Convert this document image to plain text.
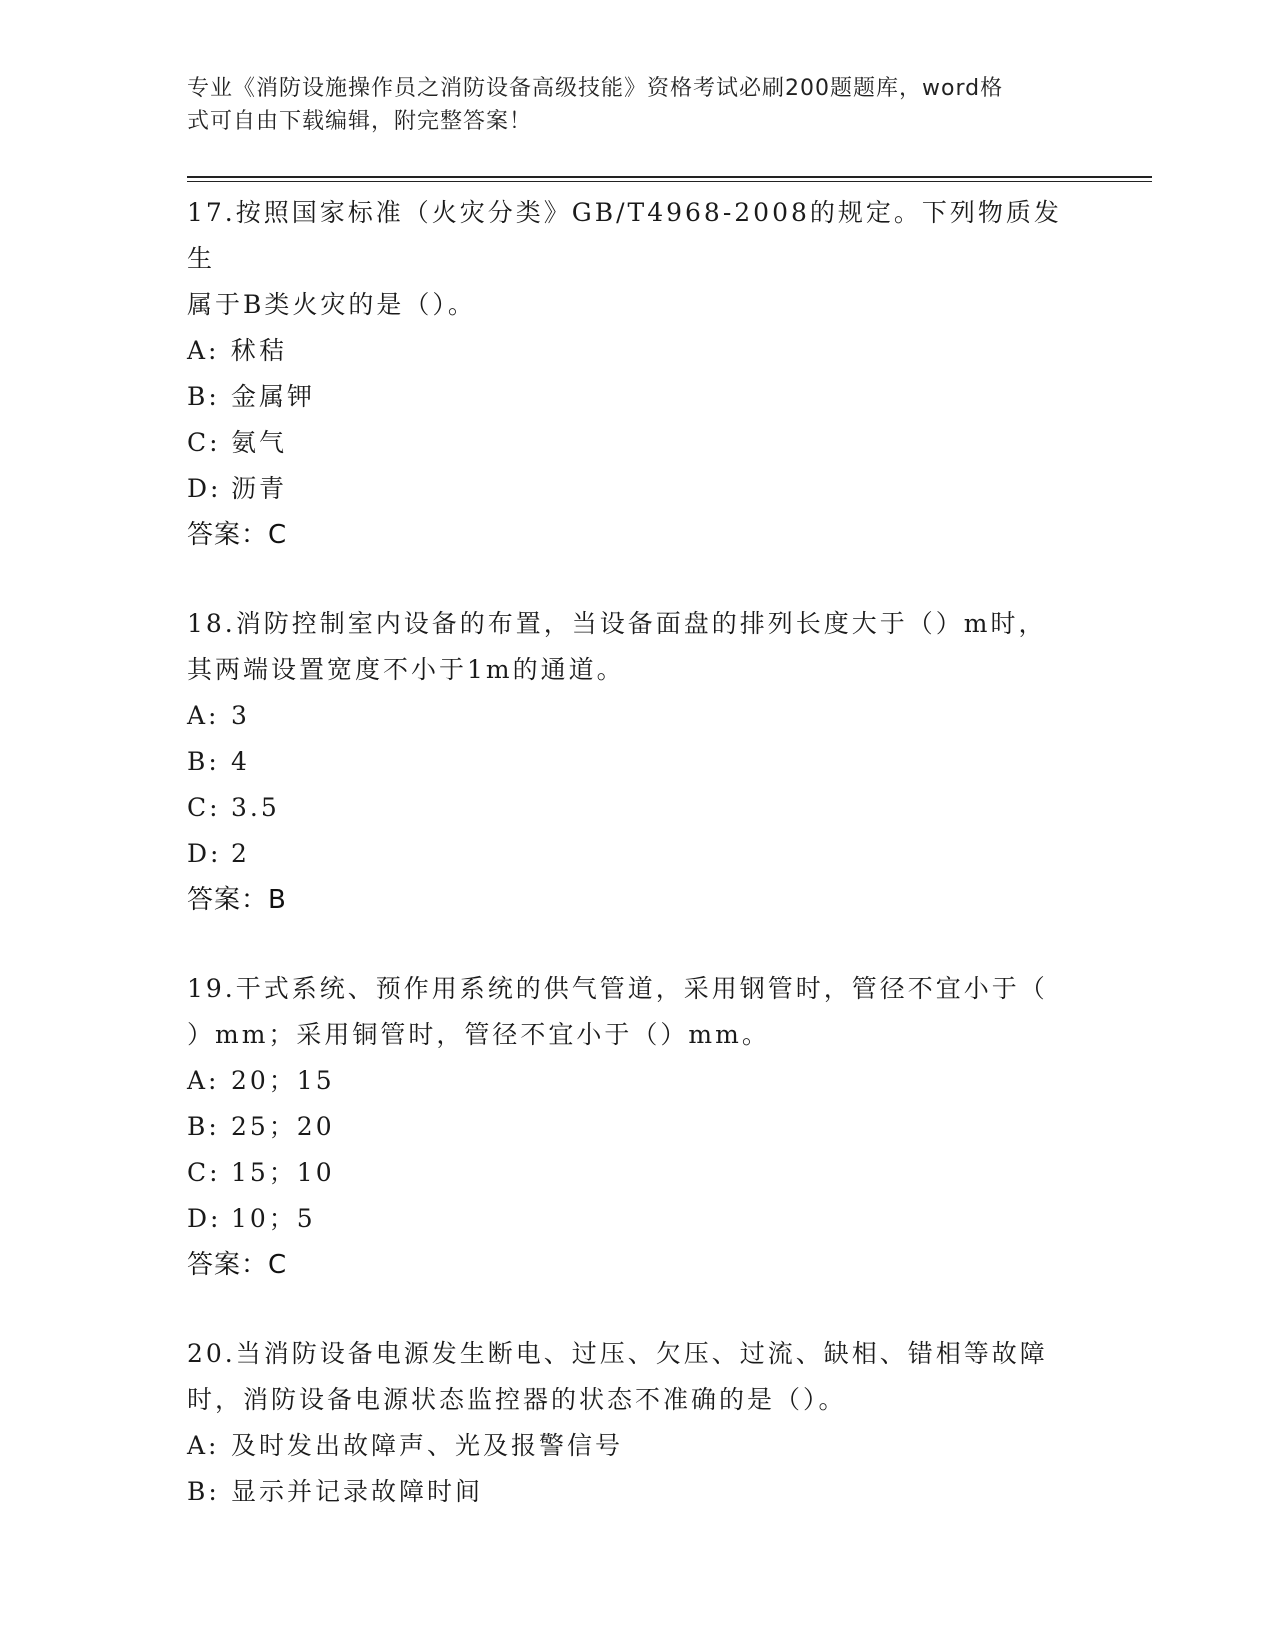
专业《消防设施操作员之消防设备高级技能》资格考试必刷200题题库，word格
式可自由下载编辑，附完整答案！
17.按照国家标准（火灾分类》GB/T4968-2008的规定。下列物质发生
属于B类火灾的是（）。
A: 秫秸
B: 金属钾
C: 氨气
D: 沥青
答案：C
18.消防控制室内设备的布置，当设备面盘的排列长度大于（）m时，
其两端设置宽度不小于1m的通道。
A: 3
B: 4
C: 3.5
D: 2
答案：B
19.干式系统、预作用系统的供气管道，采用钢管时，管径不宜小于（
）mm；采用铜管时，管径不宜小于（）mm。
A: 20；15
B: 25；20
C: 15；10
D: 10；5
答案：C
20.当消防设备电源发生断电、过压、欠压、过流、缺相、错相等故障
时，消防设备电源状态监控器的状态不准确的是（）。
A: 及时发出故障声、光及报警信号
B: 显示并记录故障时间
